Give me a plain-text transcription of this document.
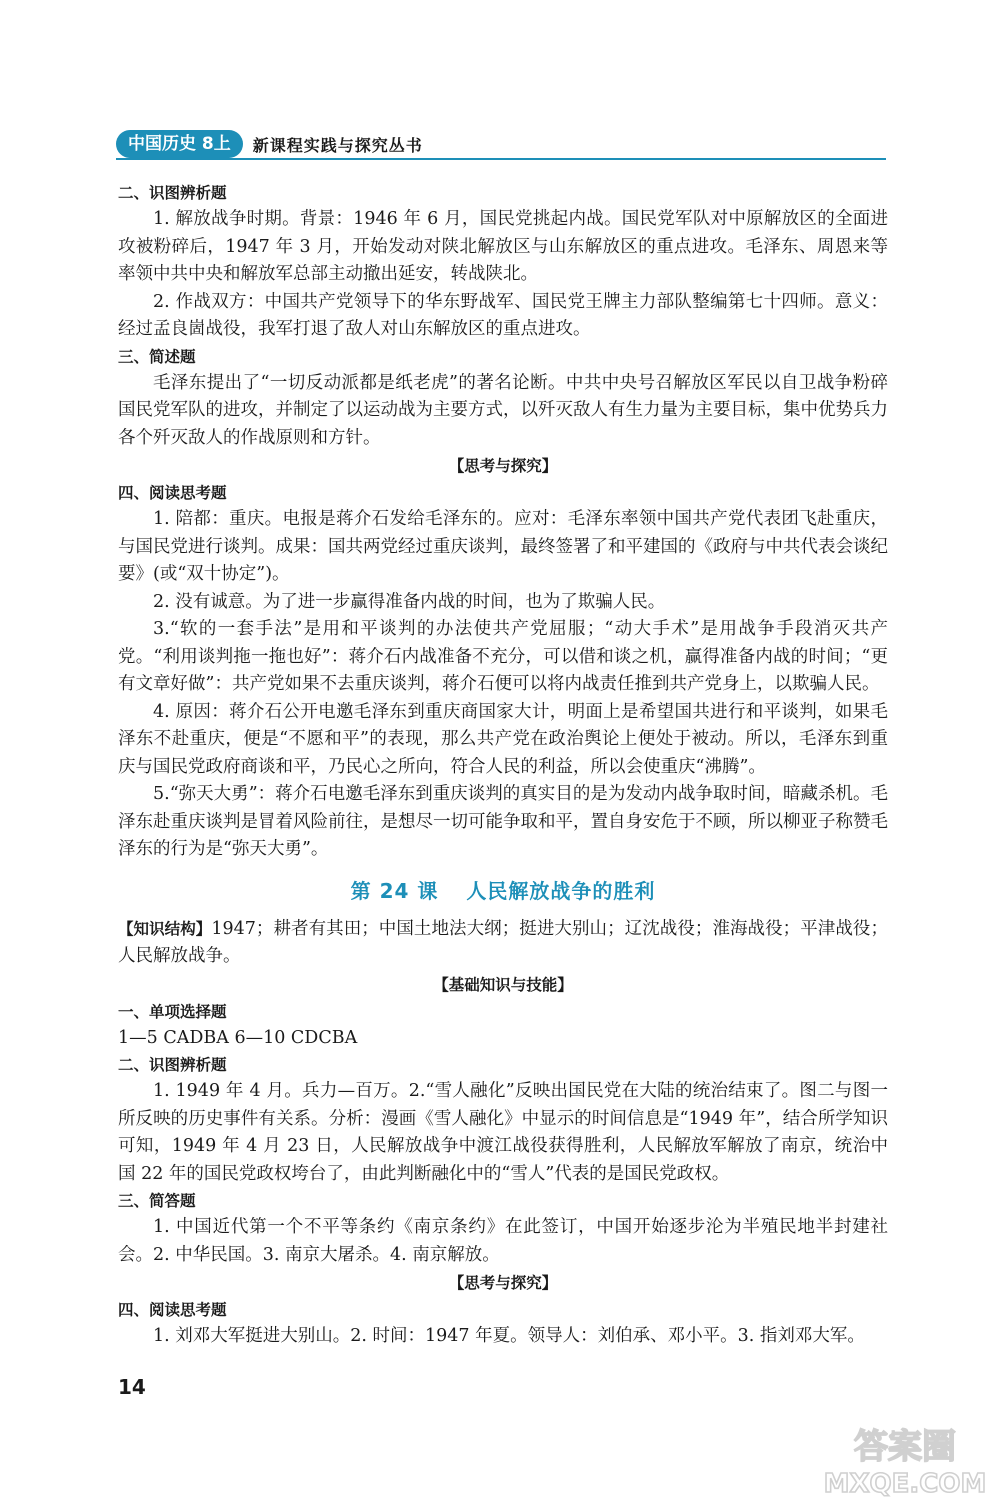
中国历史 8上	新课程实践与探究丛书

二、识图辨析题

1. 解放战争时期。背景：1946 年 6 月，国民党挑起内战。国民党军队对中原解放区的全面进攻被粉碎后，1947 年 3 月，开始发动对陕北解放区与山东解放区的重点进攻。毛泽东、周恩来等率领中共中央和解放军总部主动撤出延安，转战陕北。

2. 作战双方：中国共产党领导下的华东野战军、国民党王牌主力部队整编第七十四师。意义：经过孟良崮战役，我军打退了敌人对山东解放区的重点进攻。

三、简述题

毛泽东提出了“一切反动派都是纸老虎”的著名论断。中共中央号召解放区军民以自卫战争粉碎国民党军队的进攻，并制定了以运动战为主要方式，以歼灭敌人有生力量为主要目标，集中优势兵力各个歼灭敌人的作战原则和方针。

【思考与探究】

四、阅读思考题

1. 陪都：重庆。电报是蒋介石发给毛泽东的。应对：毛泽东率领中国共产党代表团飞赴重庆，与国民党进行谈判。成果：国共两党经过重庆谈判，最终签署了和平建国的《政府与中共代表会谈纪要》(或“双十协定”)。

2. 没有诚意。为了进一步赢得准备内战的时间，也为了欺骗人民。

3.“软的一套手法”是用和平谈判的办法使共产党屈服；“动大手术”是用战争手段消灭共产党。“利用谈判拖一拖也好”：蒋介石内战准备不充分，可以借和谈之机，赢得准备内战的时间；“更有文章好做”：共产党如果不去重庆谈判，蒋介石便可以将内战责任推到共产党身上，以欺骗人民。

4. 原因：蒋介石公开电邀毛泽东到重庆商国家大计，明面上是希望国共进行和平谈判，如果毛泽东不赴重庆，便是“不愿和平”的表现，那么共产党在政治舆论上便处于被动。所以，毛泽东到重庆与国民党政府商谈和平，乃民心之所向，符合人民的利益，所以会使重庆“沸腾”。

5.“弥天大勇”：蒋介石电邀毛泽东到重庆谈判的真实目的是为发动内战争取时间，暗藏杀机。毛泽东赴重庆谈判是冒着风险前往，是想尽一切可能争取和平，置自身安危于不顾，所以柳亚子称赞毛泽东的行为是“弥天大勇”。

第 24 课 人民解放战争的胜利

【知识结构】1947；耕者有其田；中国土地法大纲；挺进大别山；辽沈战役；淮海战役；平津战役；人民解放战争。

【基础知识与技能】

一、单项选择题

1—5 CADBA 6—10 CDCBA

二、识图辨析题

1. 1949 年 4 月。兵力—百万。2.“雪人融化”反映出国民党在大陆的统治结束了。图二与图一所反映的历史事件有关系。分析：漫画《雪人融化》中显示的时间信息是“1949 年”，结合所学知识可知，1949 年 4 月 23 日，人民解放战争中渡江战役获得胜利，人民解放军解放了南京，统治中国 22 年的国民党政权垮台了，由此判断融化中的“雪人”代表的是国民党政权。

三、简答题

1. 中国近代第一个不平等条约《南京条约》在此签订，中国开始逐步沦为半殖民地半封建社会。2. 中华民国。3. 南京大屠杀。4. 南京解放。

【思考与探究】

四、阅读思考题

1. 刘邓大军挺进大别山。2. 时间：1947 年夏。领导人：刘伯承、邓小平。3. 指刘邓大军。

14
答案圈
MXQE.COM
